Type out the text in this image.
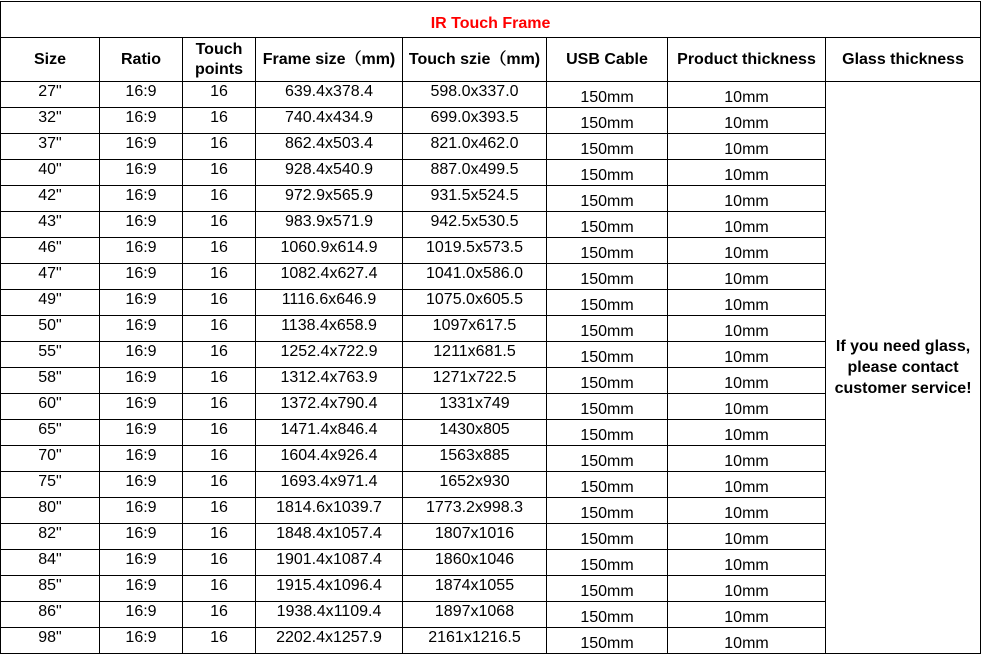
IR Touch Frame							
Size	Ratio	Touch points	Frame size（mm)	Touch szie（mm)	USB Cable	Product thickness	Glass thickness
27"	16:9	16	639.4x378.4	598.0x337.0	150mm	10mm	If you need glass, please contact customer service!
32"	16:9	16	740.4x434.9	699.0x393.5	150mm	10mm	
37"	16:9	16	862.4x503.4	821.0x462.0	150mm	10mm	
40"	16:9	16	928.4x540.9	887.0x499.5	150mm	10mm	
42"	16:9	16	972.9x565.9	931.5x524.5	150mm	10mm	
43"	16:9	16	983.9x571.9	942.5x530.5	150mm	10mm	
46"	16:9	16	1060.9x614.9	1019.5x573.5	150mm	10mm	
47"	16:9	16	1082.4x627.4	1041.0x586.0	150mm	10mm	
49"	16:9	16	1116.6x646.9	1075.0x605.5	150mm	10mm	
50"	16:9	16	1138.4x658.9	1097x617.5	150mm	10mm	
55"	16:9	16	1252.4x722.9	1211x681.5	150mm	10mm	
58"	16:9	16	1312.4x763.9	1271x722.5	150mm	10mm	
60"	16:9	16	1372.4x790.4	1331x749	150mm	10mm	
65"	16:9	16	1471.4x846.4	1430x805	150mm	10mm	
70"	16:9	16	1604.4x926.4	1563x885	150mm	10mm	
75"	16:9	16	1693.4x971.4	1652x930	150mm	10mm	
80"	16:9	16	1814.6x1039.7	1773.2x998.3	150mm	10mm	
82"	16:9	16	1848.4x1057.4	1807x1016	150mm	10mm	
84"	16:9	16	1901.4x1087.4	1860x1046	150mm	10mm	
85"	16:9	16	1915.4x1096.4	1874x1055	150mm	10mm	
86"	16:9	16	1938.4x1109.4	1897x1068	150mm	10mm	
98"	16:9	16	2202.4x1257.9	2161x1216.5	150mm	10mm	
